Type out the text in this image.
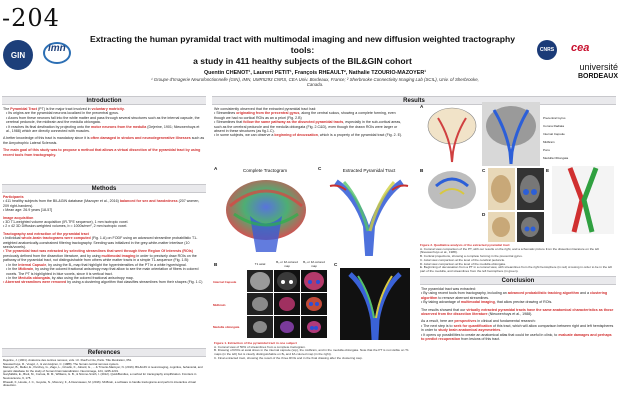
-204
GIN
imn
Extracting the human pyramidal tract with multimodal imaging and new diffusion weighted tractography tools:
a study in 411 healthy subjects of the BIL&GIN cohort
Quentin CHENOT¹, Laurent PETIT¹, François RHEAULT², Nathalie TZOURIO-MAZOYER¹
¹ Groupe d'Imagerie Neurofonctionnelle (GIN), IMN, UMR5293 CNRS, CEA Univ. Bordeaux, France; ² Sherbrooke Connectivity Imaging Lab (SCIL), Univ. of Sherbrooke, Canada.
CNRS cea
université
BORDEAUX
Introduction
The Pyramidal Tract (PT) is the major tract involved in voluntary motricity.
• Its origins are the pyramidal neurons localized in the precentral gyrus.
• Axons from these neurons fall into the white matter and pass through several structures such as the internal capsule, the cerebral peduncle, the midbrain and the medulla oblongata.
• It reaches its final destination by projecting onto the motor neurons from the medulla (Dejerine, 1901; Nieuwenhuys et al., 1988) which are directly connected with muscles.
A better knowledge of this tract is mandatory since it is often damaged in strokes and neurodegenerative illnesses such as the Amyotrophic Lateral Sclerosis.
The main goal of this study was to propose a method that allows a virtual dissection of the pyramidal tract by using recent tools from tractography.
Methods
Participants
• 411 healthy subjects from the BIL&GIN database (Mazoyer et al., 2016) balanced for sex and handedness (207 women, 209 right-handers).
• Mean age: 26.9 years [18-57]
Image acquisition
• 3D T1-weighted volume acquisition (IR-TFE sequence), 1 mm isotropic voxel.
• 2 x 42 3D Diffusion-weighted volumes, b = 1000s/mm², 2 mm isotropic voxel.
Tractography and extraction of the pyramidal tract
• Individual whole-brain tractograms were computed (Fig. 1.A) on FODF using an advanced streamline probabilistic T1-weighted anatomically-constrained filtering tractography. Seeding was initialized in the grey-white-matter interface (10 seeds/voxels).
• The pyramidal tract was extracted by selecting streamlines that went through three Region Of Interests (ROIs) previously defined from the dissection literature, and by using multimodal imaging in order to precisely draw ROIs on the pathway of the pyramidal tract, not distinguishable from others white matter tracts in a simple T1-sequence (Fig. 1.B):
• In the Internal Capsule, by using the B₀ map that highlight the hyperintensities of the PT in a white hyperisignal.
• In the Midbrain, by using the colored fractional anisotropy map that allow to see the main orientation of fibers in colored voxels. The PT is highlighted in blue voxels, since it is vertical tract.
• In the Medulla oblongata, by also using the colored fractional anisotropy map.
• Aberrant streamlines were removed by using a clustering algorithm that classifies streamlines from their shapes (Fig. 1.C)
References
Dejerine, J. (1901). Anatomie des centres nerveux, vols. I-II. Rueff et Cie, Paris. Title illustration, 651.
Nieuwenhuys, R., Voogd, J., & van Huijzen, C. (1988). The human central nervous system.
Mazoyer, B., Mellet, E., Perchey, G., Zago, L., Crivello, F., Jobard, G., ... & Tzourio-Mazoyer, N. (2016). BIL&GIN: A neuroimaging, cognitive, behavioral, and genetic database for the study of human brain lateralization. Neuroimage, 124, 1225-1231.
Garyfallidis, E., Brett, M., Correia, M. M., Williams, G. B., & Nimmo-Smith, I. (2012). QuickBundles, a method for tractography simplification. Frontiers in Neuroscience, 6, 175.
Rheault, F., Houde, J. C., Goyette, N., Morency, F., & Descoteaux, M. (2016). MI-Brain, a software to handle tractograms and perform interactive virtual dissection.
Results
We consistently observed that the extracted pyramidal tract had:
• Streamlines originating from the precentral gyrus, along the central sulcus, showing a complete forming, even though we had no cortical ROIs as an a priori (Fig. 2.B)
• Streamlines that follow the same pathway as the dissected pyramidal tracts, especially in the sub-cortical areas, such as the cerebral peduncle and the medulla oblongata (Fig. 2.C&D), even though the drawn ROIs were larger or absent in these structures (as fig.1.C).
• In some subjects, we can observe a beginning of decussation, which is a property of the pyramidal tract (Fig. 2. E).
A	Complete Tractogram	C	Extracted Pyramidal Tract
B	T1 axial	B₀ or FA colored map
B₀ or FA colored map
Internal Capsule
Midbrain
Medulla oblongata
C
Figure 1. Extraction of the pyramidal tract in one subject
A. Coronal view of 50% of streamlines from a complete tractogram.
B. Drawing of ROIs at axial slices in the internal capsule (top), the midbrain, and in the medulla oblongata. Note that the PT is not visible on T1 maps (in the left) but is clearly distinguishable on B₀ and FA colored map (in the right).
C. Final extracted tract, showing the result of the three ROIs and in the final drawing after the clustering step.
A
Precentral Gyrus
Corona Radiata
Internal Capsule
Midbrain
Pons
Medulla Oblongata
B	C	E
D
Figure 2. Qualitative analysis of the extracted pyramidal tract
A. Coronal view comparison of the PT, with our results on the right, and a schematic picture from the dissection literature on the left (Nieuwenhuys et al., 1988).
B. Cortical projections, showing a complete forming in the precentral gyrus.
C. Axial view comparison at the level of the cerebral peduncle.
D. Axial view comparison at the level of the medulla oblongata.
E. Beginning of decussation from a PT in a coronal view, with streamlines from the right hemisphere (in red) crossing in order to be in the left part of the medulla, and streamlines from the left hemisphere (in green).
Conclusion
The pyramidal tract was extracted:
• By using recent tools from tractography, including an advanced probabilistic tracking algorithm and a clustering algorithm to remove aberrant streamlines.
• By taking advantage of multimodal imaging, that allow precise drawing of ROIs.
The results showed that our virtually extracted pyramidal tracts have the same anatomical characteristics as those observed from the dissection literature (Nieuwenhuys et al., 1988).
As a result, here are perspectives in clinical and fundamental research:
• The next step is to seek for quantification of this tract, which will allow comparison between right and left hemispheres in order to study brain anatomical asymmetries.
• It opens up possibilities to create an anatomical atlas that could be useful in clinic, to evaluate damages and perhaps to predict recuperation from lesions of this tract.
